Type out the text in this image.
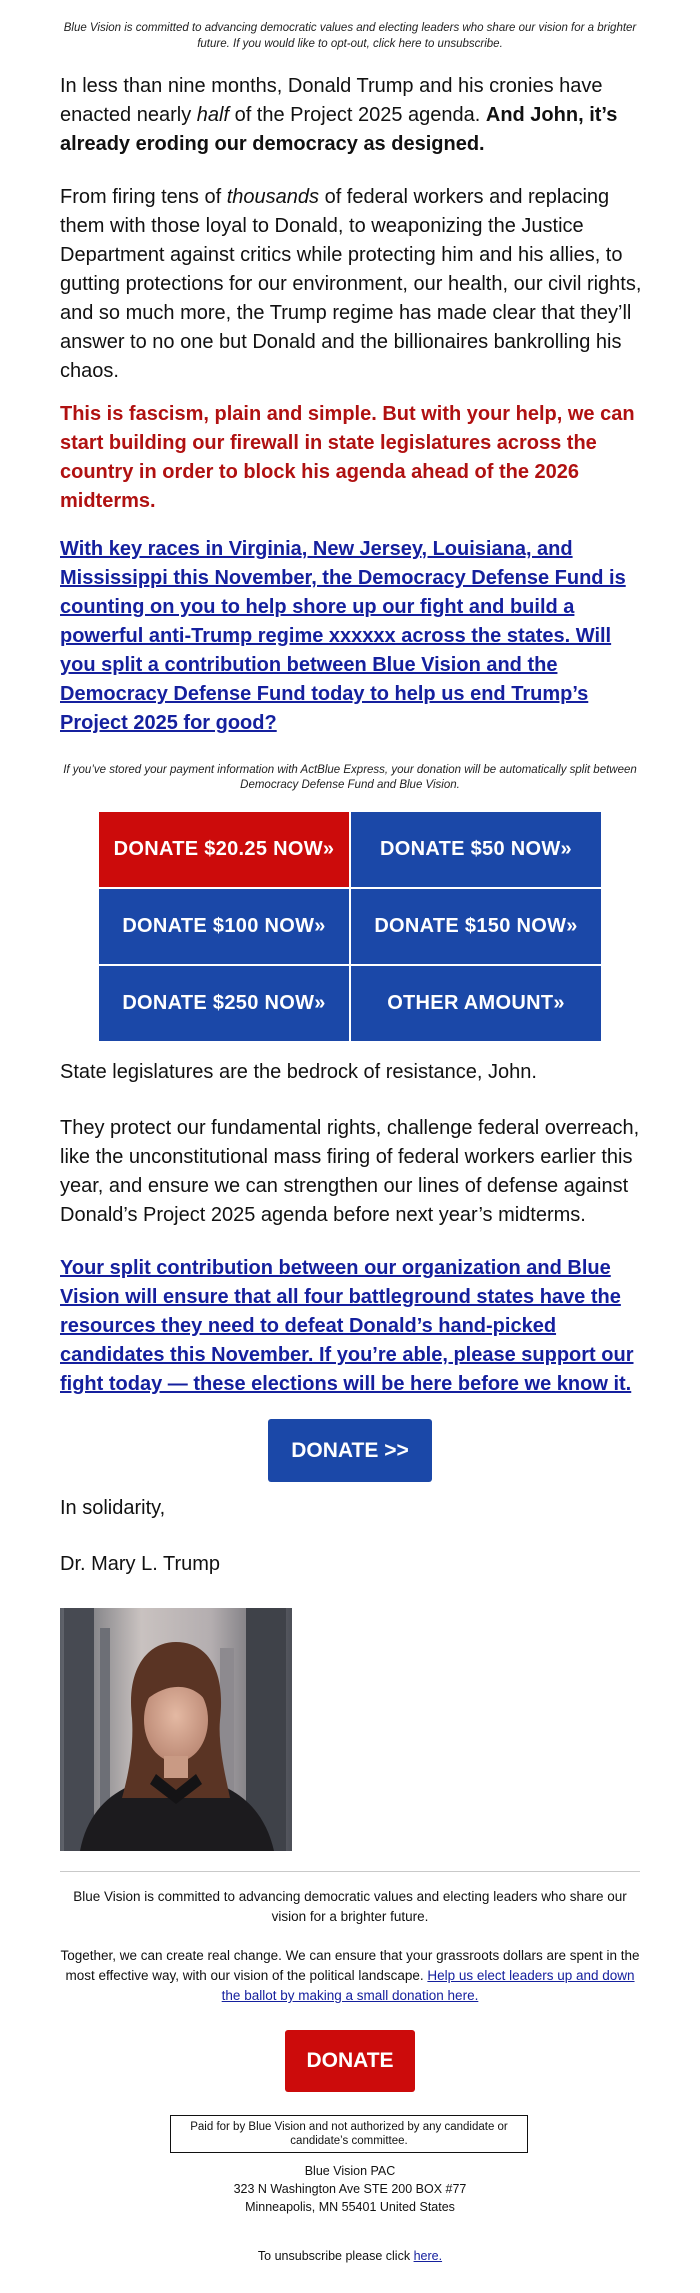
Blue Vision is committed to advancing democratic values and electing leaders who share our vision for a brighter future. If you would like to opt-out, click here to unsubscribe.
In less than nine months, Donald Trump and his cronies have enacted nearly half of the Project 2025 agenda. And John, it’s already eroding our democracy as designed.
From firing tens of thousands of federal workers and replacing them with those loyal to Donald, to weaponizing the Justice Department against critics while protecting him and his allies, to gutting protections for our environment, our health, our civil rights, and so much more, the Trump regime has made clear that they’ll answer to no one but Donald and the billionaires bankrolling his chaos.
This is fascism, plain and simple. But with your help, we can start building our firewall in state legislatures across the country in order to block his agenda ahead of the 2026 midterms.
With key races in Virginia, New Jersey, Louisiana, and Mississippi this November, the Democracy Defense Fund is counting on you to help shore up our fight and build a powerful anti-Trump regime xxxxxx across the states. Will you split a contribution between Blue Vision and the Democracy Defense Fund today to help us end Trump’s Project 2025 for good?
If you’ve stored your payment information with ActBlue Express, your donation will be automatically split between Democracy Defense Fund and Blue Vision.
DONATE $20.25 NOW»	DONATE $50 NOW»
DONATE $100 NOW»	DONATE $150 NOW»
DONATE $250 NOW»	OTHER AMOUNT»
State legislatures are the bedrock of resistance, John.
They protect our fundamental rights, challenge federal overreach, like the unconstitutional mass firing of federal workers earlier this year, and ensure we can strengthen our lines of defense against Donald’s Project 2025 agenda before next year’s midterms.
Your split contribution between our organization and Blue Vision will ensure that all four battleground states have the resources they need to defeat Donald’s hand-picked candidates this November. If you’re able, please support our fight today — these elections will be here before we know it.
DONATE >>
In solidarity,
Dr. Mary L. Trump
Blue Vision is committed to advancing democratic values and electing leaders who share our vision for a brighter future.
Together, we can create real change. We can ensure that your grassroots dollars are spent in the most effective way, with our vision of the political landscape. Help us elect leaders up and down the ballot by making a small donation here.
DONATE
Paid for by Blue Vision and not authorized by any candidate or candidate’s committee.
Blue Vision PAC
323 N Washington Ave STE 200 BOX #77
Minneapolis, MN 55401 United States
To unsubscribe please click here.
